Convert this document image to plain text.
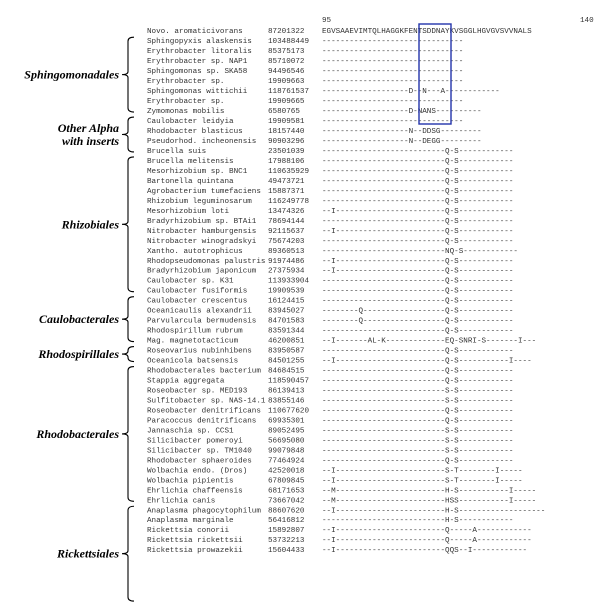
95	140
Novo. aromaticivorans	87201322 EGVSAAEVIMTQLHAGGKFENTSDDNAYKVSGGLHGVGVSVVNALS
Sphingomonadales
Other Alpha
with inserts
Rhizobiales
Caulobacterales
Rhodospirillales
Rhodobacterales
Rickettsiales
Sphingopyxis alaskensis 103488449 -------------------------------
Erythrobacter litoralis 85375173 -------------------------------
Erythrobacter sp. NAP1	85710072 -------------------------------
Sphingomonas sp. SKA58	94496546 -------------------------------
Erythrobacter sp.	19909663 -------------------------------
Sphingomonas wittichii	118761537 -------------------D--N---A------------
Erythrobacter sp.	19909665 -------------------------------
Zymomonas mobilis	6580765	-------------------D-NANS----------
Caulobacter leidyia	19909581 -------------------------------
Rhodobacter blasticus	18157440 -------------------N--DDSG---------
Pseudorhod. incheonensis 90903296 -------------------N--DEGG---------
Brucella suis	23501039 ---------------------------Q-S------------
Brucella melitensis	17988106 ---------------------------Q-S------------
Mesorhizobium sp. BNC1	110635929 ---------------------------Q-S------------
Bartonella quintana	49473721 ---------------------------Q-S------------
Agrobacterium tumefaciens 15887371 ---------------------------Q-S------------
Rhizobium leguminosarum 116249778 ---------------------------Q-S------------
Mesorhizobium loti	13474326 --I------------------------Q-S------------
Bradyrhizobium sp. BTAi1 78694144 ---------------------------Q-S------------
Nitrobacter hamburgensis 92115637 --I------------------------Q-S------------
Nitrobacter winogradskyi 75674203 ---------------------------Q-S------------
Xantho. autotrophicus	89360513 ---------------------------NQ-S------------
Rhodopseudomonas palustris 91974486 --I------------------------Q-S------------
Bradyrhizobium japonicum 27375934 --I------------------------Q-S------------
Caulobacter sp. K31	113933904 ---------------------------Q-S------------
Caulobacter fusiformis	19909539 ---------------------------Q-S------------
Caulobacter crescentus	16124415 ---------------------------Q-S------------
Oceanicaulis alexandrii 83945027 --------Q------------------Q-S------------
Parvularcula bermudensis 84701583 --------Q------------------Q-S------------
Rhodospirillum rubrum	83591344 ---------------------------Q-S------------
Mag. magnetotacticum	46200851 --I-------AL-K-------------EQ-SNRI-S-------I---
Roseovarius nubinhibens 83950587 ---------------------------Q-S------------
Oceanicola batsensis	84501255 --I------------------------Q-S-----------I----
Rhodobacterales bacterium 84684515 ---------------------------Q-S------------
Stappia aggregata	118590457 ---------------------------Q-S------------
Roseobacter sp. MED193	86139413 ---------------------------S-S------------
Sulfitobacter sp. NAS-14.1 83855146 ---------------------------S-S------------
Roseobacter denitrificans 110677620 ---------------------------Q-S------------
Paracoccus denitrificans 69935301 ---------------------------Q-S------------
Jannaschia sp. CCS1	89052495 ---------------------------S-S------------
Silicibacter pomeroyi	56695080 ---------------------------S-S------------
Silicibacter sp. TM1040 99079848 ---------------------------S-S------------
Rhodobacter sphaeroides 77464924 ---------------------------Q-S------------
Wolbachia endo. (Dros)	42520018 --I------------------------S-T--------I-----
Wolbachia pipientis	67809845 --I------------------------S-T--------I-----
Ehrlichia chaffeensis	68171653 --M------------------------H-S-----------I-----
Ehrlichia canis	73667042 --M------------------------HSS-----------I-----
Anaplasma phagocytophilum 88607620 --I------------------------H-S-------------------
Anaplasma marginale	56416812 ---------------------------H-S------------
Rickettsia conorii	15892807 --I------------------------Q-----A------------
Rickettsia rickettsii	53732213 --I------------------------Q-----A------------
Rickettsia prowazekii	15604433 --I------------------------QQS--I------------
